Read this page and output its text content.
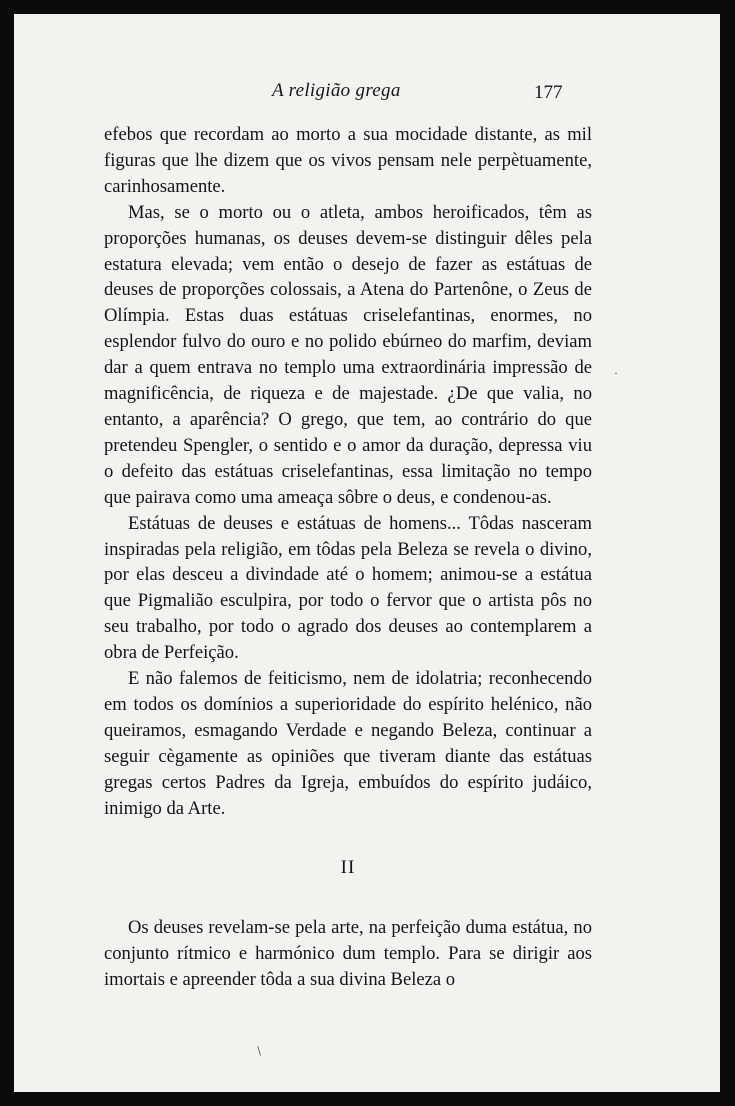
A religião grega	177

efebos que recordam ao morto a sua mocidade distante, as mil figuras que lhe dizem que os vivos pensam nele perpètuamente, carinhosamente.

Mas, se o morto ou o atleta, ambos heroificados, têm as proporções humanas, os deuses devem-se distinguir dêles pela estatura elevada; vem então o desejo de fazer as estátuas de deuses de proporções colossais, a Atena do Partenône, o Zeus de Olímpia. Estas duas estátuas criselefantinas, enormes, no esplendor fulvo do ouro e no polido ebúrneo do marfim, deviam dar a quem entrava no templo uma extraordinária impressão de magnificência, de riqueza e de majestade. ¿De que valia, no entanto, a aparência? O grego, que tem, ao contrário do que pretendeu Spengler, o sentido e o amor da duração, depressa viu o defeito das estátuas criselefantinas, essa limitação no tempo que pairava como uma ameaça sôbre o deus, e condenou-as.

Estátuas de deuses e estátuas de homens... Tôdas nasceram inspiradas pela religião, em tôdas pela Beleza se revela o divino, por elas desceu a divindade até o homem; animou-se a estátua que Pigmalião esculpira, por todo o fervor que o artista pôs no seu trabalho, por todo o agrado dos deuses ao contemplarem a obra de Perfeição.

E não falemos de feiticismo, nem de idolatria; reconhecendo em todos os domínios a superioridade do espírito helénico, não queiramos, esmagando Verdade e negando Beleza, continuar a seguir cègamente as opiniões que tiveram diante das estátuas gregas certos Padres da Igreja, embuídos do espírito judáico, inimigo da Arte.

II

Os deuses revelam-se pela arte, na perfeição duma estátua, no conjunto rítmico e harmónico dum templo. Para se dirigir aos imortais e apreender tôda a sua divina Beleza o

/
·
